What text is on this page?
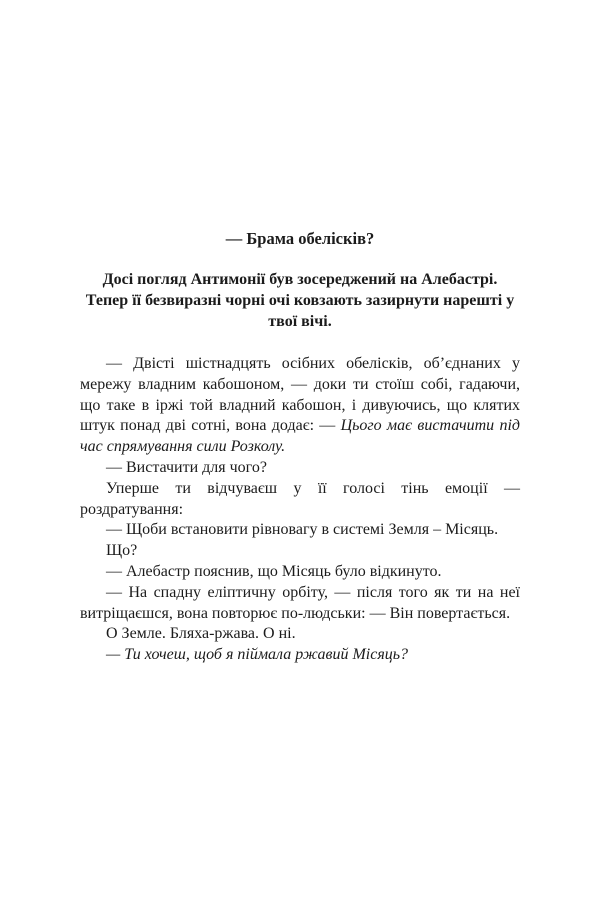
— Брама обелісків?

Досі погляд Антимонії був зосереджений на Алебастрі. Тепер її безвиразні чорні очі ковзають зазирнути нарешті у твої вічі.

— Двісті шістнадцять осібних обелісків, об’єднаних у мережу владним кабошоном, — доки ти стоїш собі, гадаючи, що таке в іржі той владний кабошон, і дивуючись, що клятих штук понад дві сотні, вона додає: — Цього має вистачити під час спрямування сили Розколу.

— Вистачити для чого?

Уперше ти відчуваєш у її голосі тінь емоції — роздратування:

— Щоби встановити рівновагу в системі Земля – Місяць.

Що?

— Алебастр пояснив, що Місяць було відкинуто.

— На спадну еліптичну орбіту, — після того як ти на неї витріщаєшся, вона повторює по-людськи: — Він повертається.

О Земле. Бляха-ржава. О ні.

— Ти хочеш, щоб я піймала ржавий Місяць?
